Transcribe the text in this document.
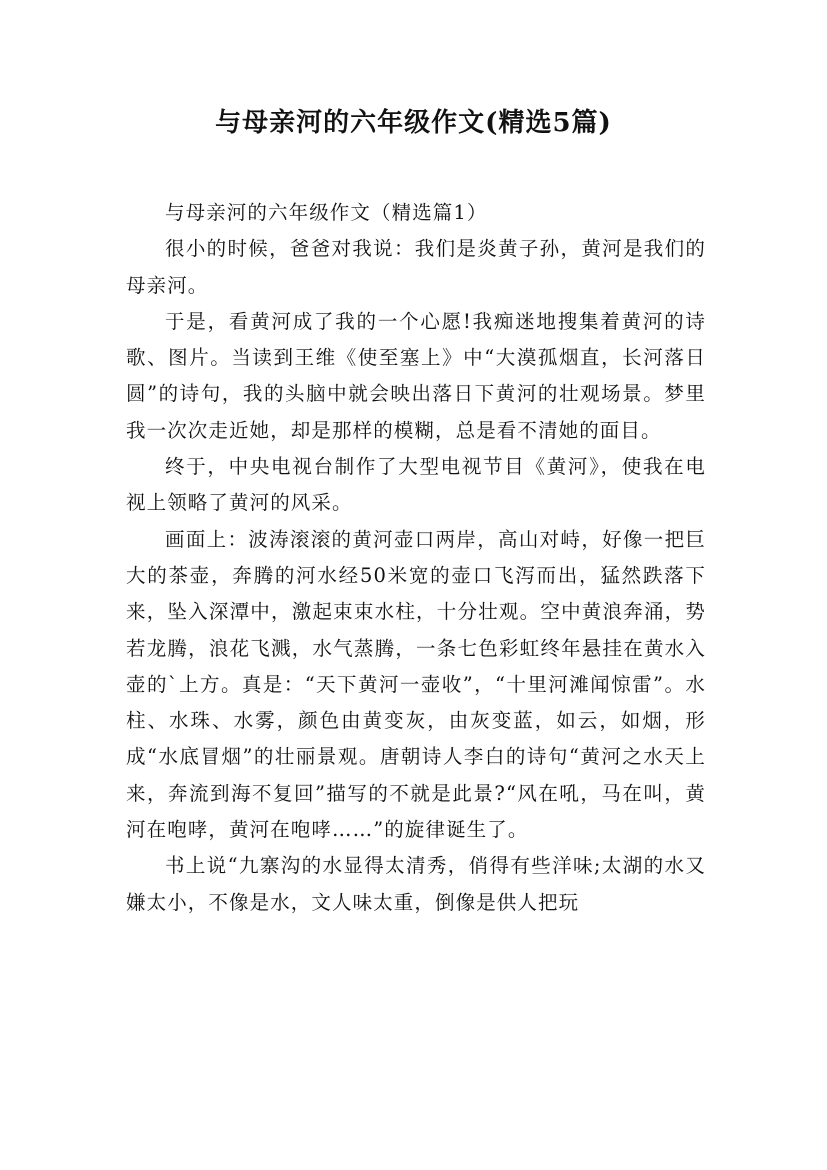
与母亲河的六年级作文(精选5篇)

与母亲河的六年级作文（精选篇1）

很小的时候，爸爸对我说：我们是炎黄子孙，黄河是我们的母亲河。

于是，看黄河成了我的一个心愿!我痴迷地搜集着黄河的诗歌、图片。当读到王维《使至塞上》中“大漠孤烟直，长河落日圆”的诗句，我的头脑中就会映出落日下黄河的壮观场景。梦里我一次次走近她，却是那样的模糊，总是看不清她的面目。

终于，中央电视台制作了大型电视节目《黄河》，使我在电视上领略了黄河的风采。

画面上：波涛滚滚的黄河壶口两岸，高山对峙，好像一把巨大的茶壶，奔腾的河水经50米宽的壶口飞泻而出，猛然跌落下来，坠入深潭中，激起束束水柱，十分壮观。空中黄浪奔涌，势若龙腾，浪花飞溅，水气蒸腾，一条七色彩虹终年悬挂在黄水入壶的`上方。真是：“天下黄河一壶收”，“十里河滩闻惊雷”。水柱、水珠、水雾，颜色由黄变灰，由灰变蓝，如云，如烟，形成“水底冒烟”的壮丽景观。唐朝诗人李白的诗句“黄河之水天上来，奔流到海不复回”描写的不就是此景?“风在吼，马在叫，黄河在咆哮，黄河在咆哮……”的旋律诞生了。

书上说“九寨沟的水显得太清秀，俏得有些洋味;太湖的水又嫌太小，不像是水，文人味太重，倒像是供人把玩
